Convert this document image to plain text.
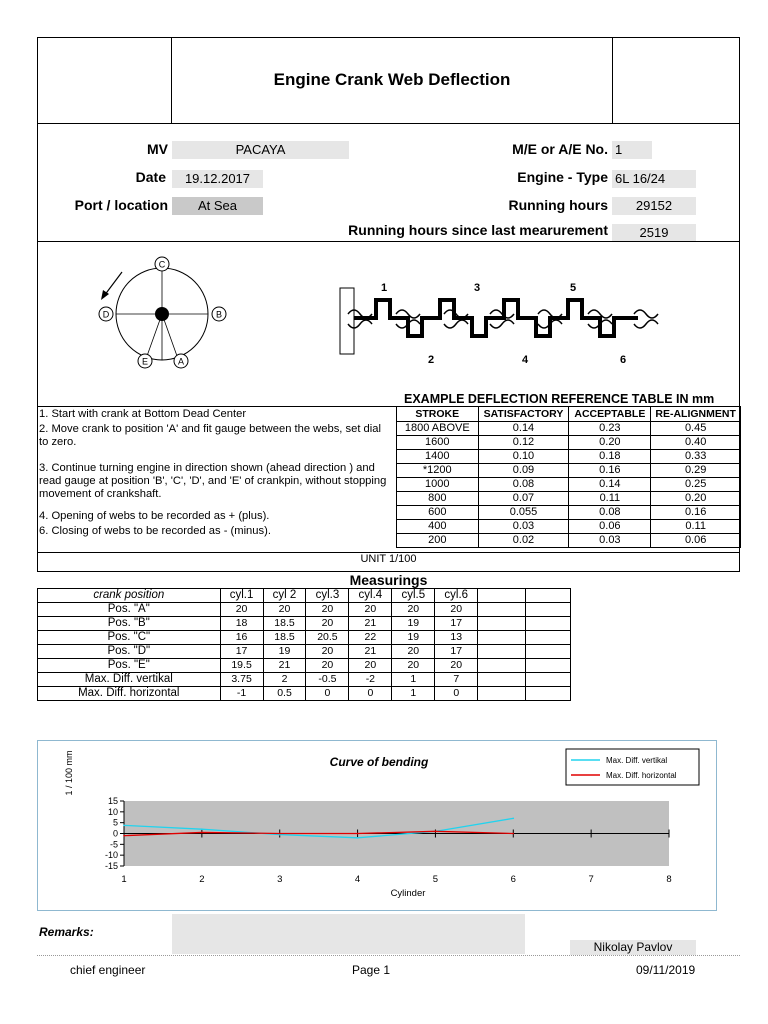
Engine Crank Web Deflection
MV	PACAYA
Date	19.12.2017
Port / location	At Sea
M/E or A/E No. 1
Engine - Type 6L 16/24
Running hours	29152
Running hours since last mearurement	2519
C
B
A
E
D
1	3	5
2	4	6
EXAMPLE DEFLECTION REFERENCE TABLE IN mm
1. Start with crank at Bottom Dead Center
2. Move crank to position 'A' and fit gauge between the webs, set dial to zero.
3. Continue turning engine in direction shown (ahead direction ) and read gauge at position 'B', 'C', 'D', and 'E' of crankpin, without stopping movement of crankshaft.
4. Opening of webs to be recorded as + (plus).
6. Closing of webs to be recorded as - (minus).
STROKE	SATISFACTORY	ACCEPTABLE	RE-ALIGNMENT
1800 ABOVE	0.14	0.23	0.45
1600	0.12	0.20	0.40
1400	0.10	0.18	0.33
*1200	0.09	0.16	0.29
1000	0.08	0.14	0.25
800	0.07	0.11	0.20
600	0.055	0.08	0.16
400	0.03	0.06	0.11
200	0.02	0.03	0.06
UNIT 1/100
Measurings
crank position	cyl.1	cyl 2	cyl.3	cyl.4	cyl.5	cyl.6		
Pos. "A"	20	20	20	20	20	20		
Pos. "B"	18	18.5	20	21	19	17		
Pos. "C"	16	18.5	20.5	22	19	13		
Pos. "D"	17	19	20	21	20	17		
Pos. "E"	19.5	21	20	20	20	20		
Max. Diff. vertikal	3.75	2	-0.5	-2	1	7		
Max. Diff. horizontal	-1	0.5	0	0	1	0		
Curve of bending
1 / 100 mm
Cylinder
15
10
5
0
-5
-10
-15
1	2	3	4	5	6	7	8
Max. Diff. vertikal
Max. Diff. horizontal
Remarks:
Nikolay Pavlov
chief engineer	Page 1	09/11/2019
